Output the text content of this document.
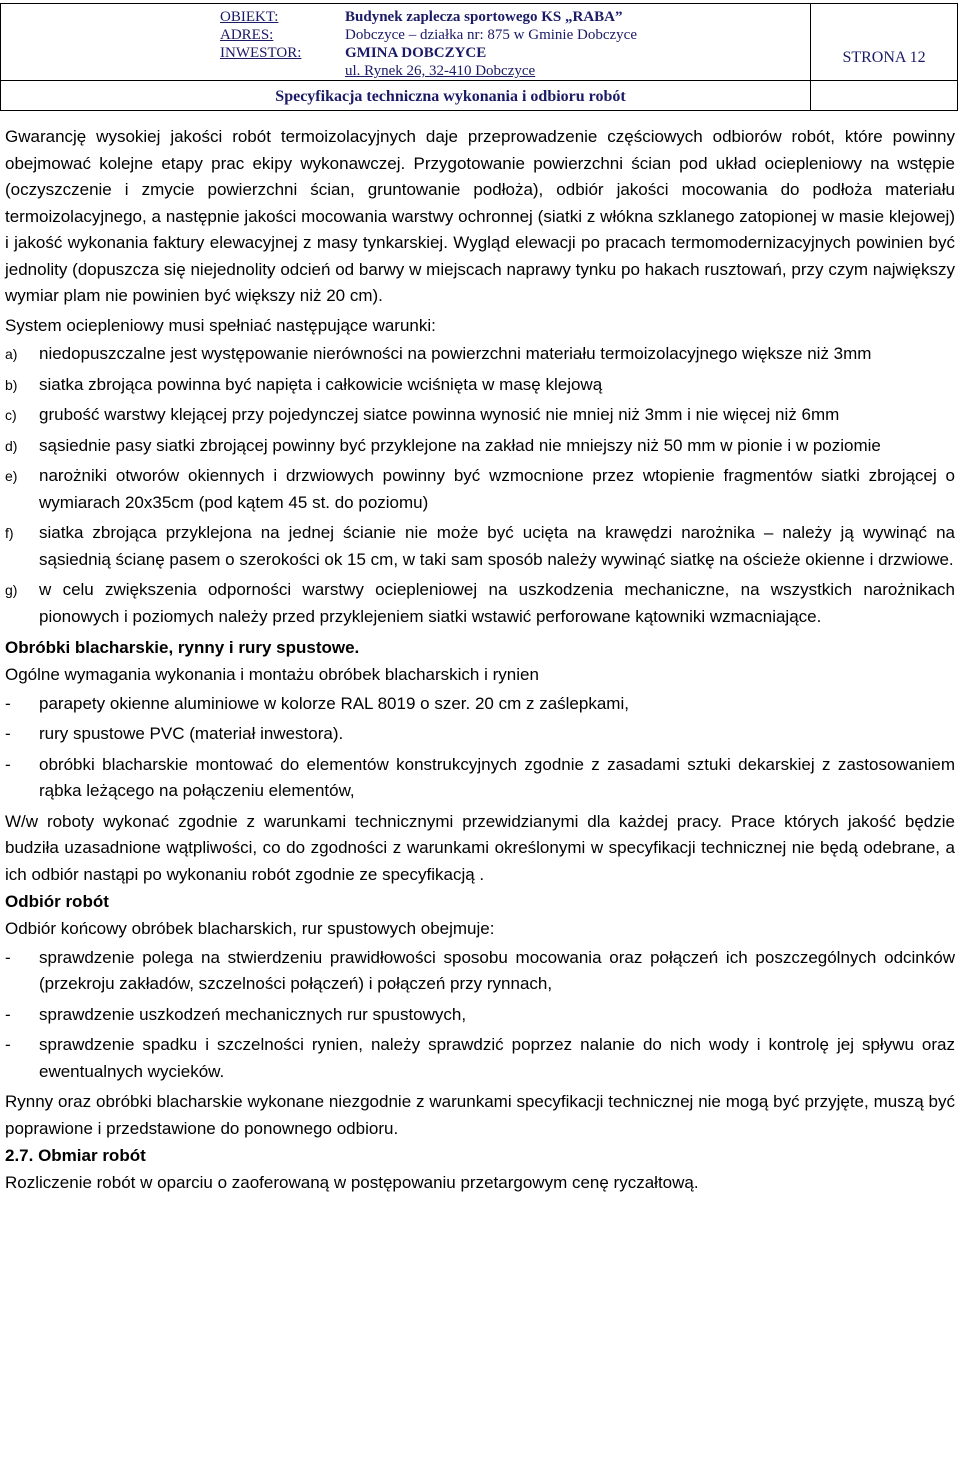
OBIEKT:	Budynek zaplecza sportowego KS „RABA”
ADRES:	Dobczyce – działka nr: 875 w Gminie Dobczyce
INWESTOR:	GMINA DOBCZYCE
ul. Rynek 26, 32-410 Dobczyce
Specyfikacja techniczna wykonania i odbioru robót
STRONA 12

Gwarancję wysokiej jakości robót termoizolacyjnych daje przeprowadzenie częściowych odbiorów robót, które powinny obejmować kolejne etapy prac ekipy wykonawczej. Przygotowanie powierzchni ścian pod układ ociepleniowy na wstępie (oczyszczenie i zmycie powierzchni ścian, gruntowanie podłoża), odbiór jakości mocowania do podłoża materiału termoizolacyjnego, a następnie jakości mocowania warstwy ochronnej (siatki z włókna szklanego zatopionej w masie klejowej) i jakość wykonania faktury elewacyjnej z masy tynkarskiej. Wygląd elewacji po pracach termomodernizacyjnych powinien być jednolity (dopuszcza się niejednolity odcień od barwy w miejscach naprawy tynku po hakach rusztowań, przy czym największy wymiar plam nie powinien być większy niż 20 cm).

System ociepleniowy musi spełniać następujące warunki:

a) niedopuszczalne jest występowanie nierówności na powierzchni materiału termoizolacyjnego większe niż 3mm
b) siatka zbrojąca powinna być napięta i całkowicie wciśnięta w masę klejową
c) grubość warstwy klejącej przy pojedynczej siatce powinna wynosić nie mniej niż 3mm i nie więcej niż 6mm
d) sąsiednie pasy siatki zbrojącej powinny być przyklejone na zakład nie mniejszy niż 50 mm w pionie i w poziomie
e) narożniki otworów okiennych i drzwiowych powinny być wzmocnione przez wtopienie fragmentów siatki zbrojącej o wymiarach 20x35cm (pod kątem 45 st. do poziomu)
f) siatka zbrojąca przyklejona na jednej ścianie nie może być ucięta na krawędzi narożnika – należy ją wywinąć na sąsiednią ścianę pasem o szerokości ok 15 cm, w taki sam sposób należy wywinąć siatkę na ościeże okienne i drzwiowe.
g) w celu zwiększenia odporności warstwy ociepleniowej na uszkodzenia mechaniczne, na wszystkich narożnikach pionowych i poziomych należy przed przyklejeniem siatki wstawić perforowane kątowniki wzmacniające.
Obróbki blacharskie, rynny i rury spustowe.

Ogólne wymagania wykonania i montażu obróbek blacharskich i rynien

- parapety okienne aluminiowe w kolorze RAL 8019 o szer. 20 cm z zaślepkami,
- rury spustowe PVC (materiał inwestora).
- obróbki blacharskie montować do elementów konstrukcyjnych zgodnie z zasadami sztuki dekarskiej z zastosowaniem rąbka leżącego na połączeniu elementów,

W/w roboty wykonać zgodnie z warunkami technicznymi przewidzianymi dla każdej pracy. Prace których jakość będzie budziła uzasadnione wątpliwości, co do zgodności z warunkami określonymi w specyfikacji technicznej nie będą odebrane, a ich odbiór nastąpi po wykonaniu robót zgodnie ze specyfikacją .

Odbiór robót

Odbiór końcowy obróbek blacharskich, rur spustowych obejmuje:

- sprawdzenie polega na stwierdzeniu prawidłowości sposobu mocowania oraz połączeń ich poszczególnych odcinków (przekroju zakładów, szczelności połączeń) i połączeń przy rynnach,
- sprawdzenie uszkodzeń mechanicznych rur spustowych,
- sprawdzenie spadku i szczelności rynien, należy sprawdzić poprzez nalanie do nich wody i kontrolę jej spływu oraz ewentualnych wycieków.

Rynny oraz obróbki blacharskie wykonane niezgodnie z warunkami specyfikacji technicznej nie mogą być przyjęte, muszą być poprawione i przedstawione do ponownego odbioru.

2.7. Obmiar robót

Rozliczenie robót w oparciu o zaoferowaną w postępowaniu przetargowym cenę ryczałtową.
